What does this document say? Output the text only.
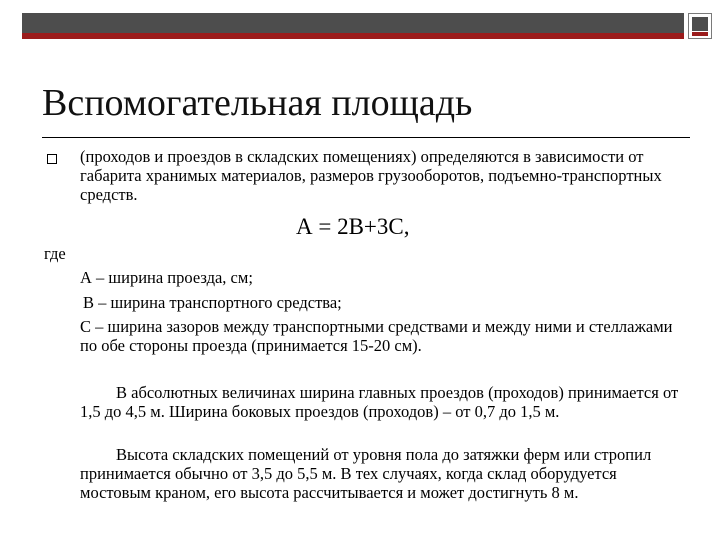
Вспомогательная площадь
(проходов и проездов в складских помещениях) определяются в зависимости от габарита хранимых материалов, размеров грузооборотов, подъемно-транспортных средств.
А = 2В+3С,
где
А – ширина проезда, см;
В – ширина транспортного средства;
С – ширина зазоров между транспортными средствами и между ними и стеллажами по обе стороны проезда (принимается 15-20 см).
В абсолютных величинах ширина главных проездов (проходов) принимается от 1,5 до 4,5 м. Ширина боковых проездов (проходов) – от 0,7 до 1,5 м.
Высота складских помещений от уровня пола до затяжки ферм или стропил принимается обычно от 3,5 до 5,5 м. В тех случаях, когда склад оборудуется мостовым краном, его высота рассчитывается и может достигнуть 8 м.
